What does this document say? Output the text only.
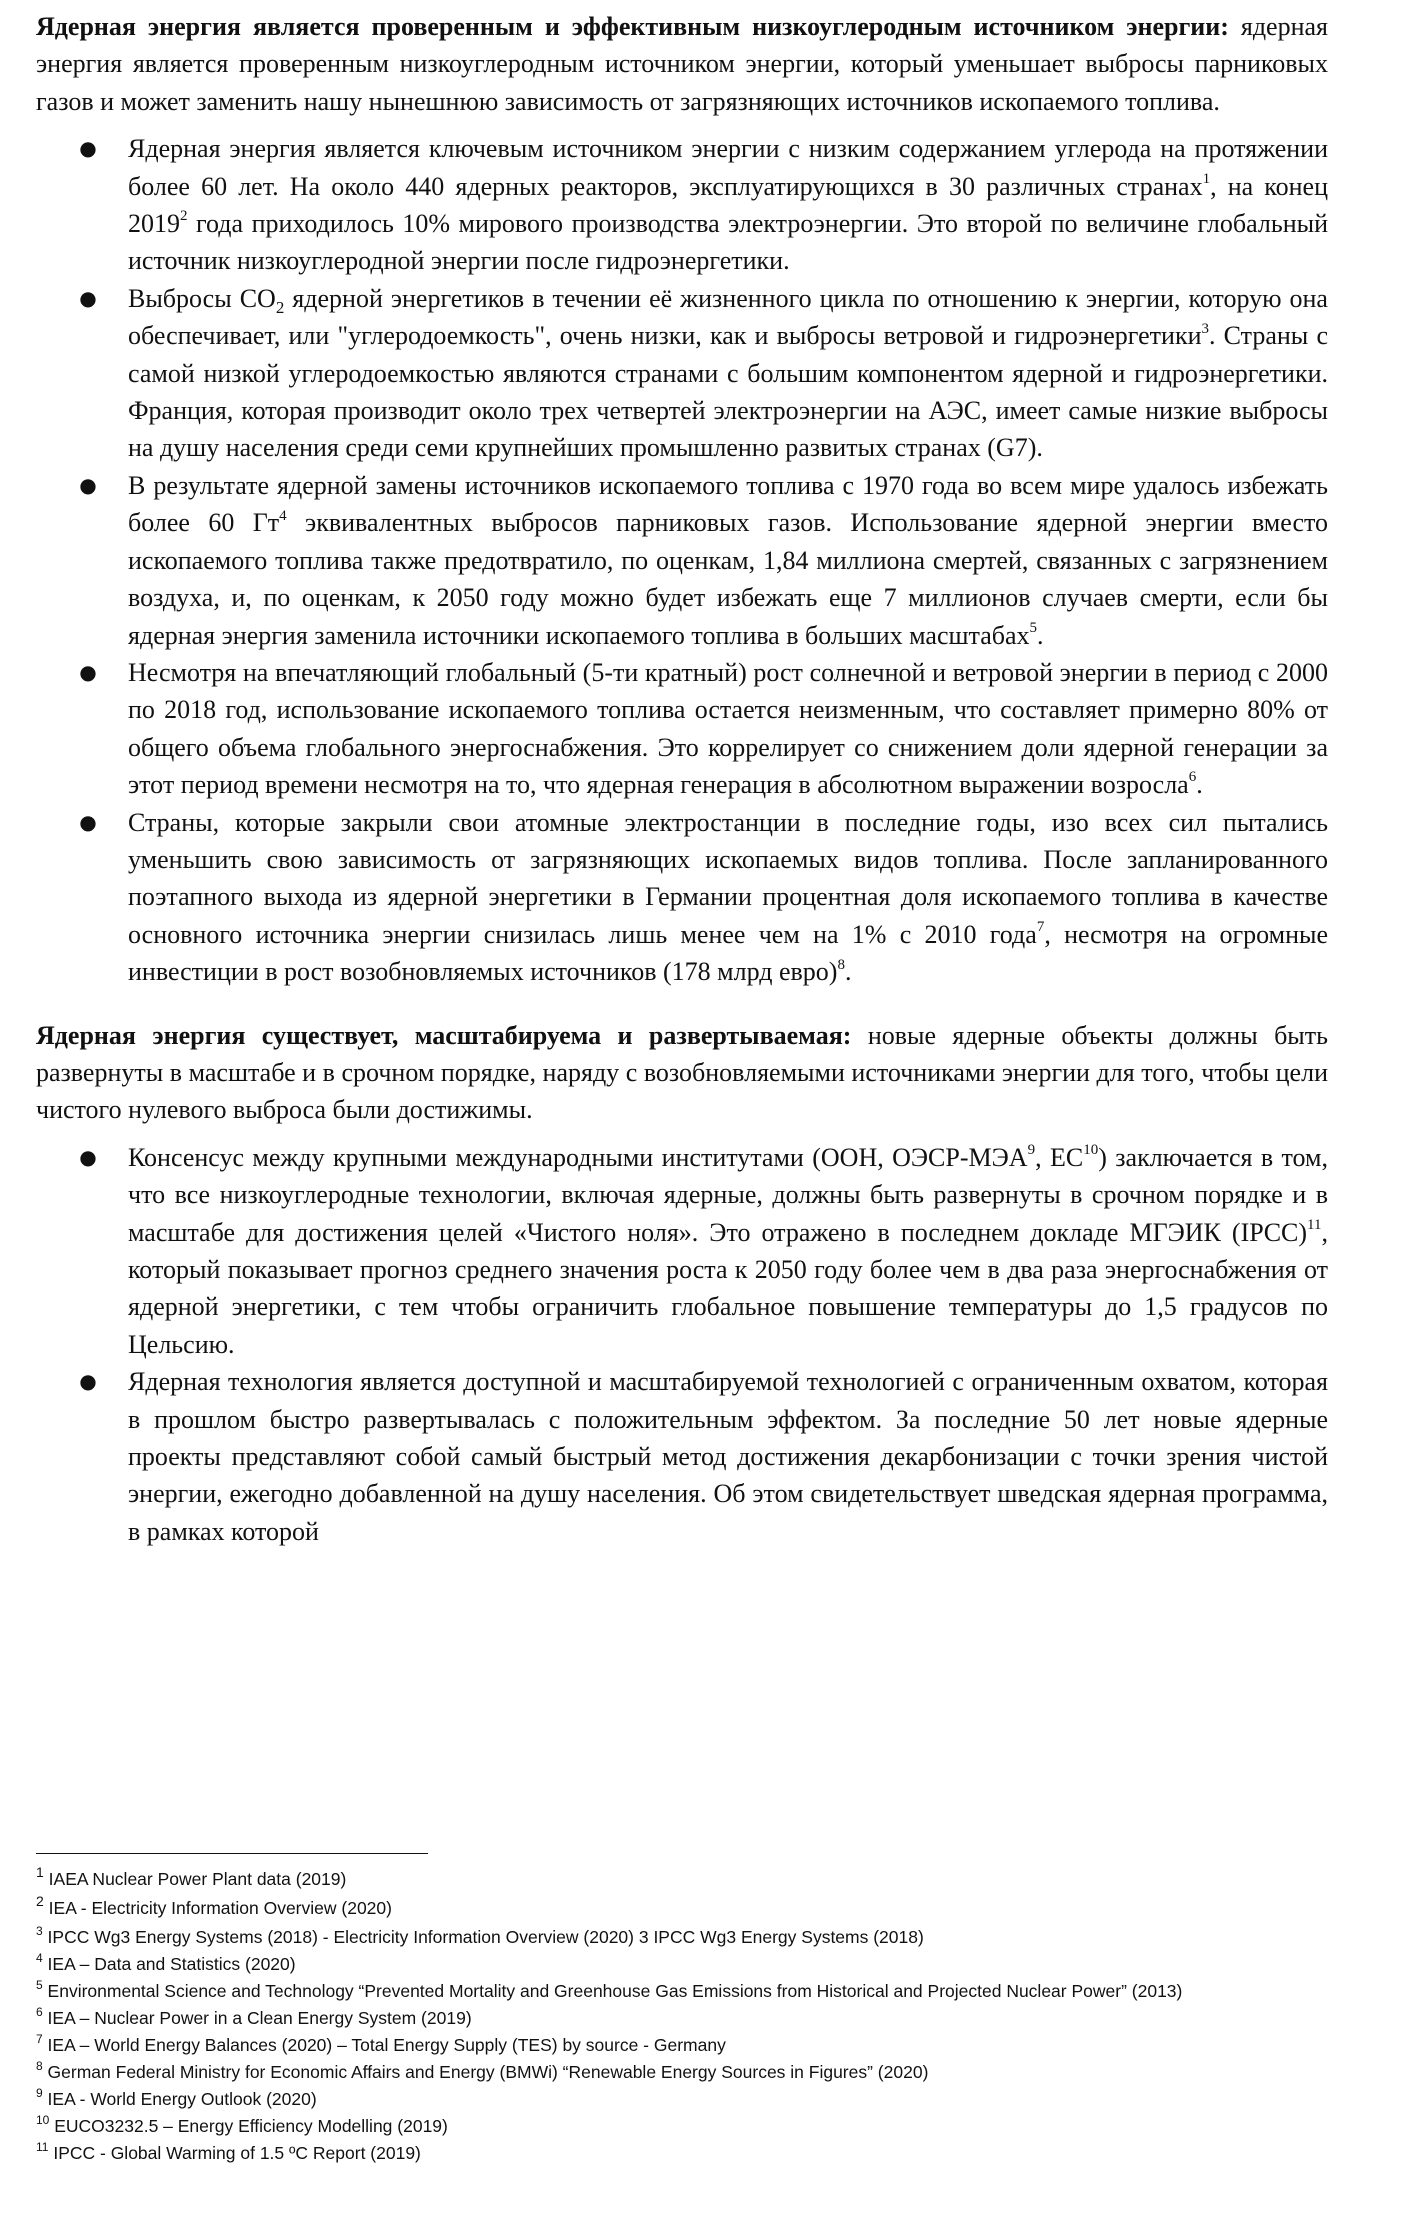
Ядерная энергия является проверенным и эффективным низкоуглеродным источником энергии: ядерная энергия является проверенным низкоуглеродным источником энергии, который уменьшает выбросы парниковых газов и может заменить нашу нынешнюю зависимость от загрязняющих источников ископаемого топлива.

● Ядерная энергия является ключевым источником энергии с низким содержанием углерода на протяжении более 60 лет. На около 440 ядерных реакторов, эксплуатирующихся в 30 различных странах$^1$, на конец 2019$^2$ года приходилось 10% мирового производства электроэнергии. Это второй по величине глобальный источник низкоуглеродной энергии после гидроэнергетики.
● Выбросы $CO_2$ ядерной энергетиков в течении её жизненного цикла по отношению к энергии, которую она обеспечивает, или "углеродоемкость", очень низки, как и выбросы ветровой и гидроэнергетики$^3$. Страны с самой низкой углеродоемкостью являются странами с большим компонентом ядерной и гидроэнергетики. Франция, которая производит около трех четвертей электроэнергии на АЭС, имеет самые низкие выбросы на душу населения среди семи крупнейших промышленно развитых странах (G7).
● В результате ядерной замены источников ископаемого топлива с 1970 года во всем мире удалось избежать более 60 $Гт^4$ эквивалентных выбросов парниковых газов. Использование ядерной энергии вместо ископаемого топлива также предотвратило, по оценкам, 1,84 миллиона смертей, связанных с загрязнением воздуха, и, по оценкам, к 2050 году можно будет избежать еще 7 миллионов случаев смерти, если бы ядерная энергия заменила источники ископаемого топлива в больших масштабах$^5$.
● Несмотря на впечатляющий глобальный (5-ти кратный) рост солнечной и ветровой энергии в период с 2000 по 2018 год, использование ископаемого топлива остается неизменным, что составляет примерно 80% от общего объема глобального энергоснабжения. Это коррелирует со снижением доли ядерной генерации за этот период времени несмотря на то, что ядерная генерация в абсолютном выражении возросла$^6$.
● Страны, которые закрыли свои атомные электростанции в последние годы, изо всех сил пытались уменьшить свою зависимость от загрязняющих ископаемых видов топлива. После запланированного поэтапного выхода из ядерной энергетики в Германии процентная доля ископаемого топлива в качестве основного источника энергии снизилась лишь менее чем на 1% с 2010 года$^7$, несмотря на огромные инвестиции в рост возобновляемых источников (178 млрд евро)$^8$.

Ядерная энергия существует, масштабируема и развертываемая: новые ядерные объекты должны быть развернуты в масштабе и в срочном порядке, наряду с возобновляемыми источниками энергии для того, чтобы цели чистого нулевого выброса были достижимы.

● Консенсус между крупными международными институтами (ООН, ОЭСР-МЭА$^9$, ЕС$^{10}$) заключается в том, что все низкоуглеродные технологии, включая ядерные, должны быть развернуты в срочном порядке и в масштабе для достижения целей «Чистого ноля». Это отражено в последнем докладе МГЭИК (IPCC)$^{11}$, который показывает прогноз среднего значения роста к 2050 году более чем в два раза энергоснабжения от ядерной энергетики, с тем чтобы ограничить глобальное повышение температуры до 1,5 градусов по Цельсию.
● Ядерная технология является доступной и масштабируемой технологией с ограниченным охватом, которая в прошлом быстро развертывалась с положительным эффектом. За последние 50 лет новые ядерные проекты представляют собой самый быстрый метод достижения декарбонизации с точки зрения чистой энергии, ежегодно добавленной на душу населения. Об этом свидетельствует шведская ядерная программа, в рамках которой

$^1$ IAEA Nuclear Power Plant data (2019)

$^2$ IEA - Electricity Information Overview (2020)

$^3$ IPCC Wg3 Energy Systems (2018) - Electricity Information Overview (2020) 3 IPCC Wg3 Energy Systems (2018)

$^4$ IEA – Data and Statistics (2020)

$^5$ Environmental Science and Technology “Prevented Mortality and Greenhouse Gas Emissions from Historical and Projected Nuclear Power” (2013)

$^6$ IEA – Nuclear Power in a Clean Energy System (2019)

$^7$ IEA – World Energy Balances (2020) – Total Energy Supply (TES) by source - Germany

$^8$ German Federal Ministry for Economic Affairs and Energy (BMWi) “Renewable Energy Sources in Figures” (2020)

$^9$ IEA - World Energy Outlook (2020)

$^{10}$ EUCO3232.5 – Energy Efficiency Modelling (2019)

$^{11}$ IPCC - Global Warming of 1.5 ºC Report (2019)
